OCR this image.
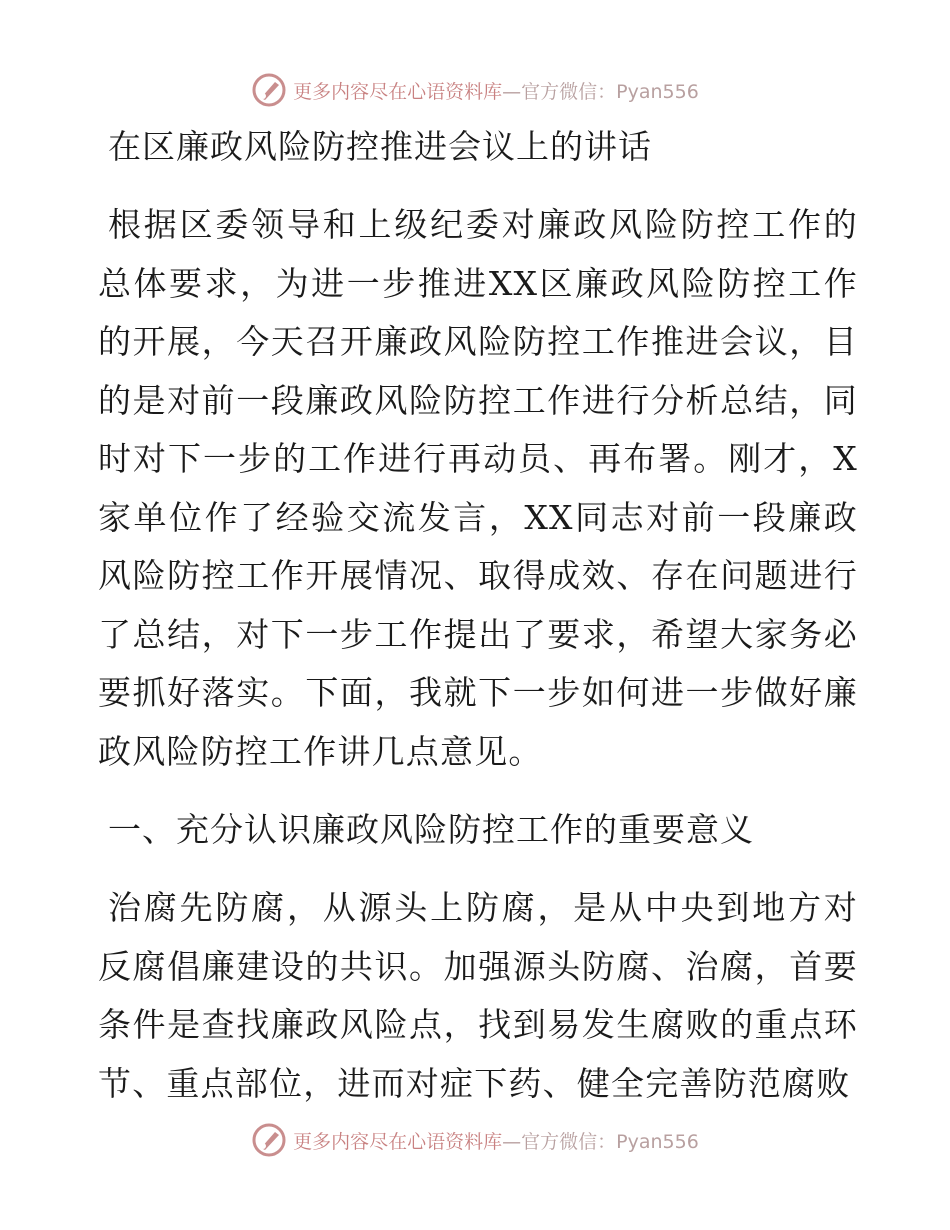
更多内容尽在心语资料库 —官方微信：Pyan556
在区廉政风险防控推进会议上的讲话

根据区委领导和上级纪委对廉政风险防控工作的总体要求，为进一步推进XX区廉政风险防控工作的开展，今天召开廉政风险防控工作推进会议，目的是对前一段廉政风险防控工作进行分析总结，同时对下一步的工作进行再动员、再布署。刚才，X家单位作了经验交流发言，XX同志对前一段廉政风险防控工作开展情况、取得成效、存在问题进行了总结，对下一步工作提出了要求，希望大家务必要抓好落实。下面，我就下一步如何进一步做好廉政风险防控工作讲几点意见。

一、充分认识廉政风险防控工作的重要意义

治腐先防腐，从源头上防腐，是从中央到地方对反腐倡廉建设的共识。加强源头防腐、治腐，首要条件是查找廉政风险点，找到易发生腐败的重点环节、重点部位，进而对症下药、健全完善防范腐败

更多内容尽在心语资料库 —官方微信：Pyan556
